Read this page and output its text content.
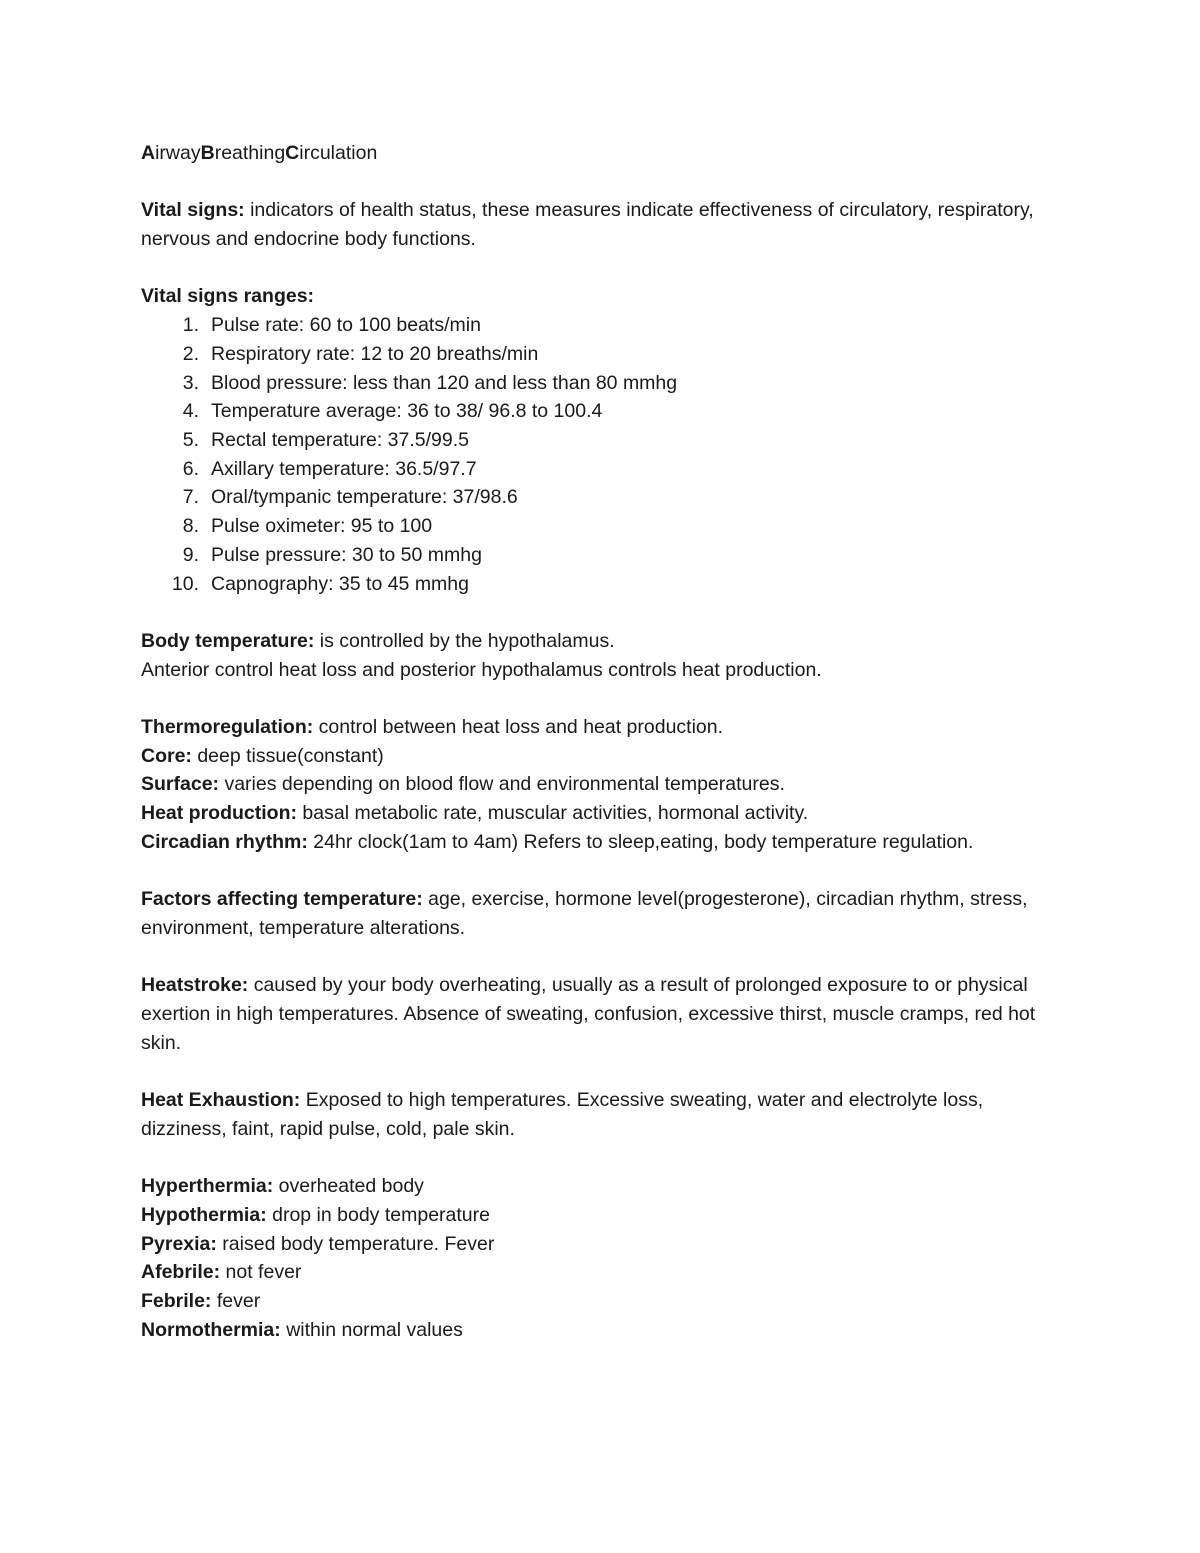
AirwayBreathingCirculation

Vital signs: indicators of health status, these measures indicate effectiveness of circulatory, respiratory, nervous and endocrine body functions.

Vital signs ranges:

1. Pulse rate: 60 to 100 beats/min
2. Respiratory rate: 12 to 20 breaths/min
3. Blood pressure: less than 120 and less than 80 mmhg
4. Temperature average: 36 to 38/ 96.8 to 100.4
5. Rectal temperature: 37.5/99.5
6. Axillary temperature: 36.5/97.7
7. Oral/tympanic temperature: 37/98.6
8. Pulse oximeter: 95 to 100
9. Pulse pressure: 30 to 50 mmhg
10. Capnography: 35 to 45 mmhg

Body temperature: is controlled by the hypothalamus.

Anterior control heat loss and posterior hypothalamus controls heat production.

Thermoregulation: control between heat loss and heat production.

Core: deep tissue(constant)

Surface: varies depending on blood flow and environmental temperatures.

Heat production: basal metabolic rate, muscular activities, hormonal activity.

Circadian rhythm: 24hr clock(1am to 4am) Refers to sleep,eating, body temperature regulation.

Factors affecting temperature: age, exercise, hormone level(progesterone), circadian rhythm, stress, environment, temperature alterations.

Heatstroke: caused by your body overheating, usually as a result of prolonged exposure to or physical exertion in high temperatures. Absence of sweating, confusion, excessive thirst, muscle cramps, red hot skin.

Heat Exhaustion: Exposed to high temperatures. Excessive sweating, water and electrolyte loss, dizziness, faint, rapid pulse, cold, pale skin.

Hyperthermia: overheated body

Hypothermia: drop in body temperature

Pyrexia: raised body temperature. Fever

Afebrile: not fever

Febrile: fever

Normothermia: within normal values
